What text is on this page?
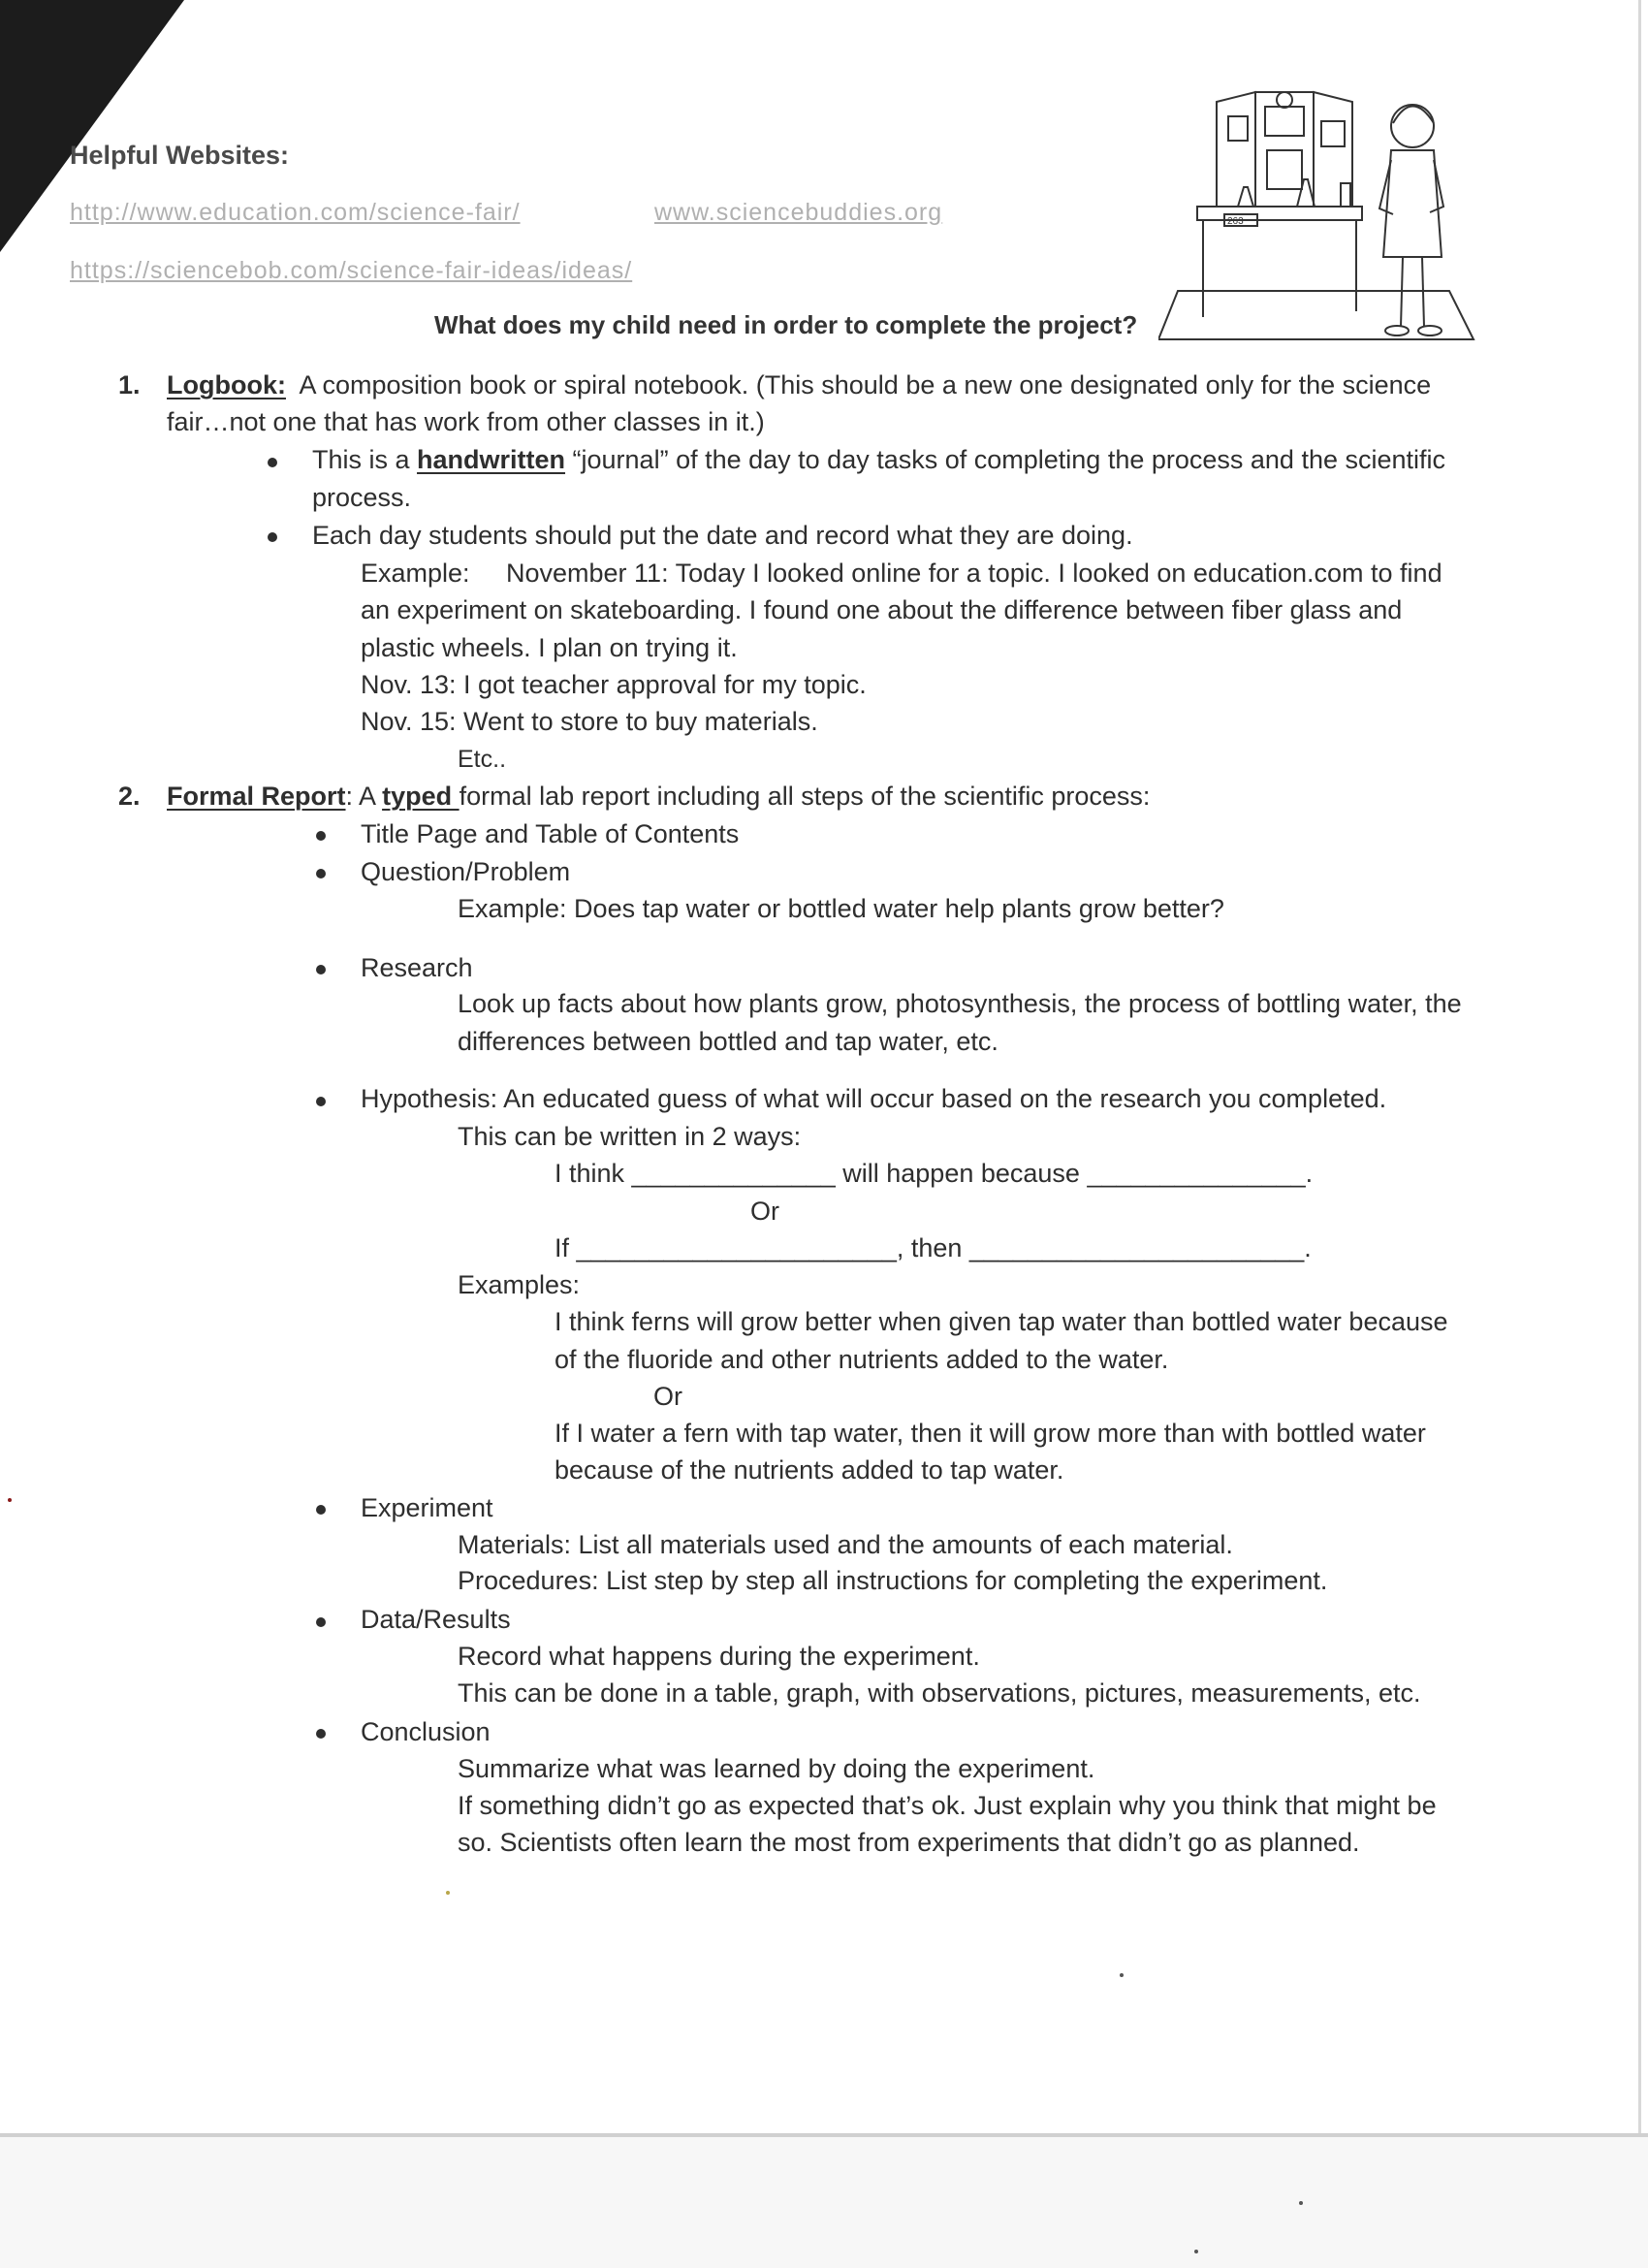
Helpful Websites:
http://www.education.com/science-fair/	www.sciencebuddies.org
https://sciencebob.com/science-fair-ideas/ideas/
263
What does my child need in order to complete the project?
1. Logbook: A composition book or spiral notebook. (This should be a new one designated only for the science
fair…not one that has work from other classes in it.)
This is a handwritten “journal” of the day to day tasks of completing the process and the scientific
process.
Each day students should put the date and record what they are doing.
Example: November 11: Today I looked online for a topic. I looked on education.com to find
an experiment on skateboarding. I found one about the difference between fiber glass and
plastic wheels. I plan on trying it.
Nov. 13: I got teacher approval for my topic.
Nov. 15: Went to store to buy materials.
Etc..
2. Formal Report: A typed formal lab report including all steps of the scientific process:
Title Page and Table of Contents
Question/Problem
Example: Does tap water or bottled water help plants grow better?
Research
Look up facts about how plants grow, photosynthesis, the process of bottling water, the
differences between bottled and tap water, etc.
Hypothesis: An educated guess of what will occur based on the research you completed.
This can be written in 2 ways:
I think ______________ will happen because _______________.
Or
If ______________________, then _______________________.
Examples:
I think ferns will grow better when given tap water than bottled water because
of the fluoride and other nutrients added to the water.
Or
If I water a fern with tap water, then it will grow more than with bottled water
because of the nutrients added to tap water.
Experiment
Materials: List all materials used and the amounts of each material.
Procedures: List step by step all instructions for completing the experiment.
Data/Results
Record what happens during the experiment.
This can be done in a table, graph, with observations, pictures, measurements, etc.
Conclusion
Summarize what was learned by doing the experiment.
If something didn’t go as expected that’s ok. Just explain why you think that might be
so. Scientists often learn the most from experiments that didn’t go as planned.
